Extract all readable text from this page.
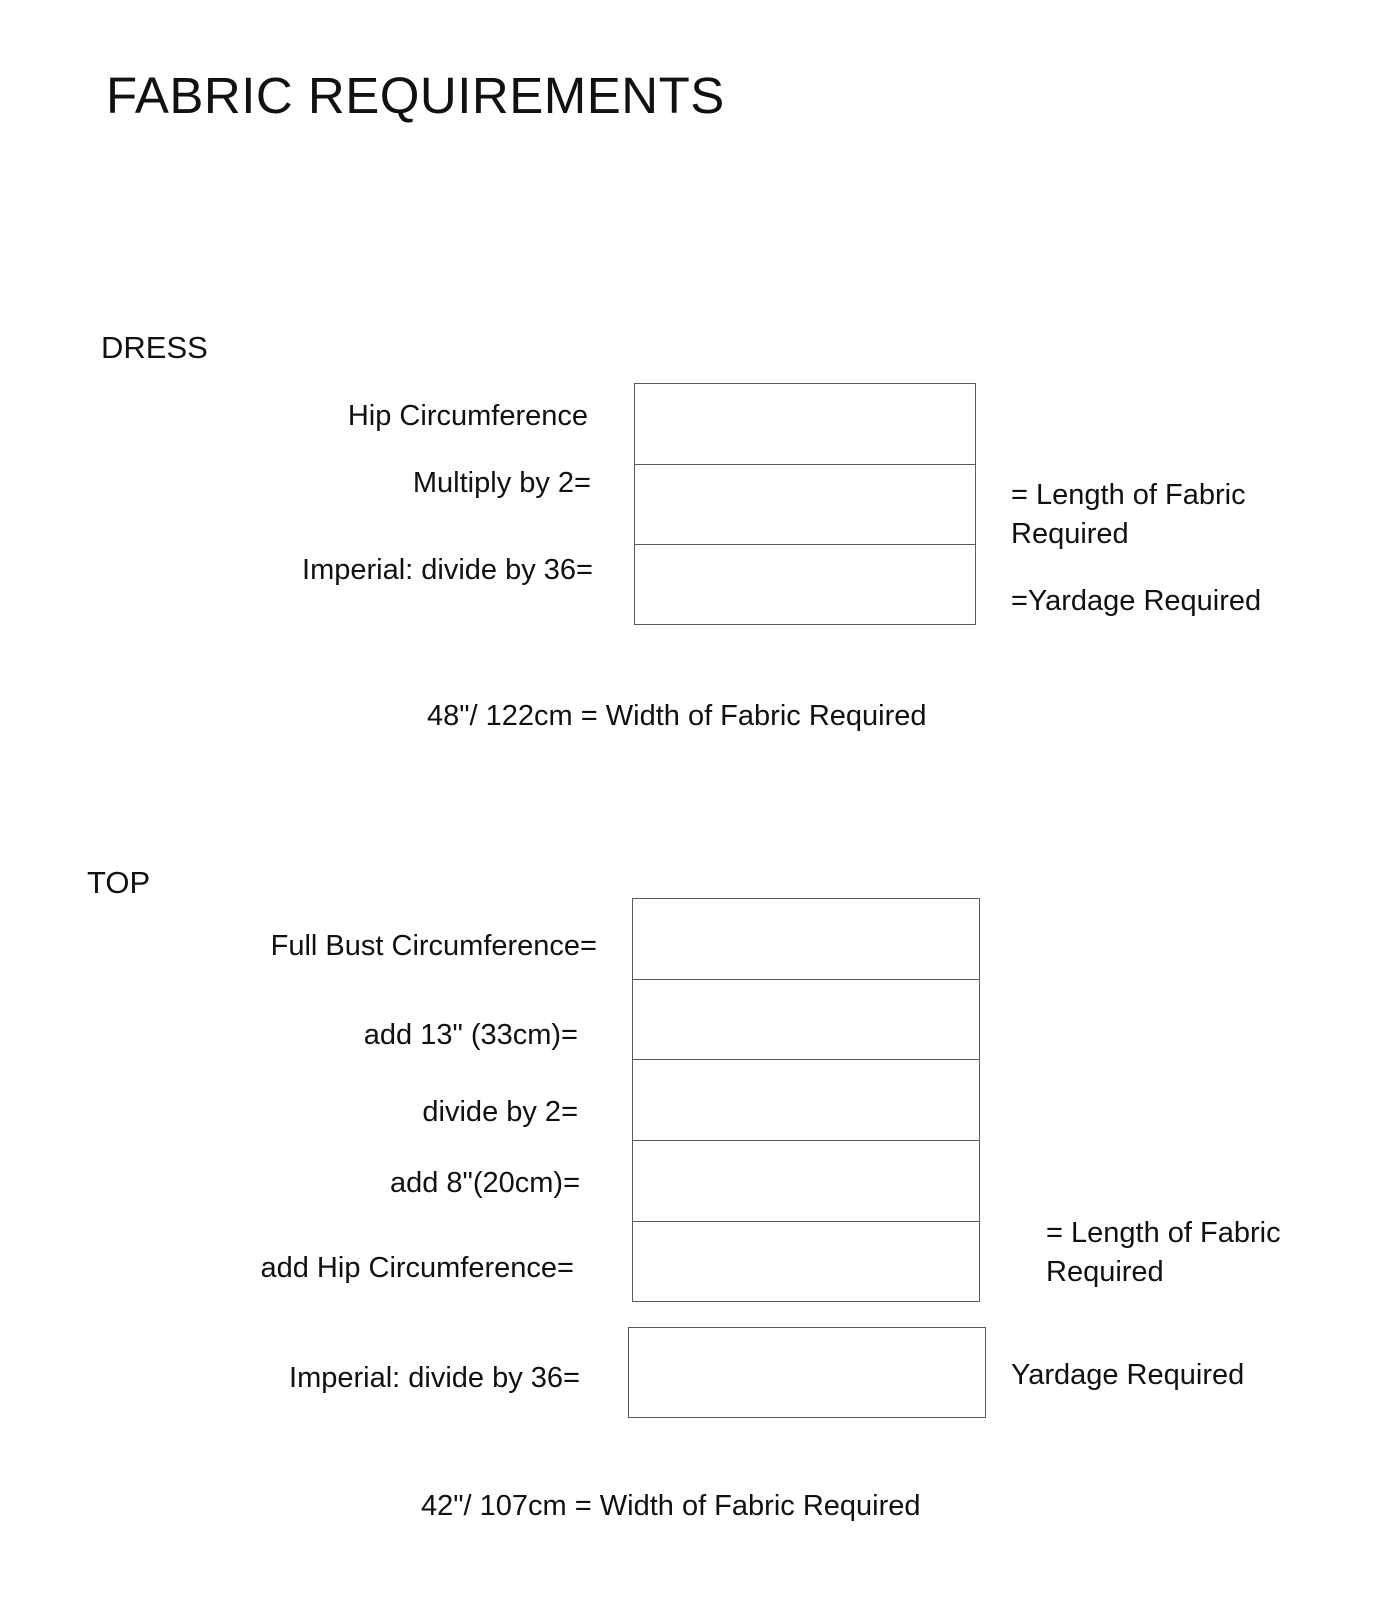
FABRIC REQUIREMENTS
DRESS
Hip Circumference
Multiply by 2=
Imperial: divide by 36=
= Length of Fabric Required
=Yardage Required
48"/ 122cm = Width of Fabric Required
TOP
Full Bust Circumference=
add 13" (33cm)=
divide by 2=
add 8"(20cm)=
add Hip Circumference=
Imperial: divide by 36=
= Length of Fabric Required
Yardage Required
42"/ 107cm = Width of Fabric Required
